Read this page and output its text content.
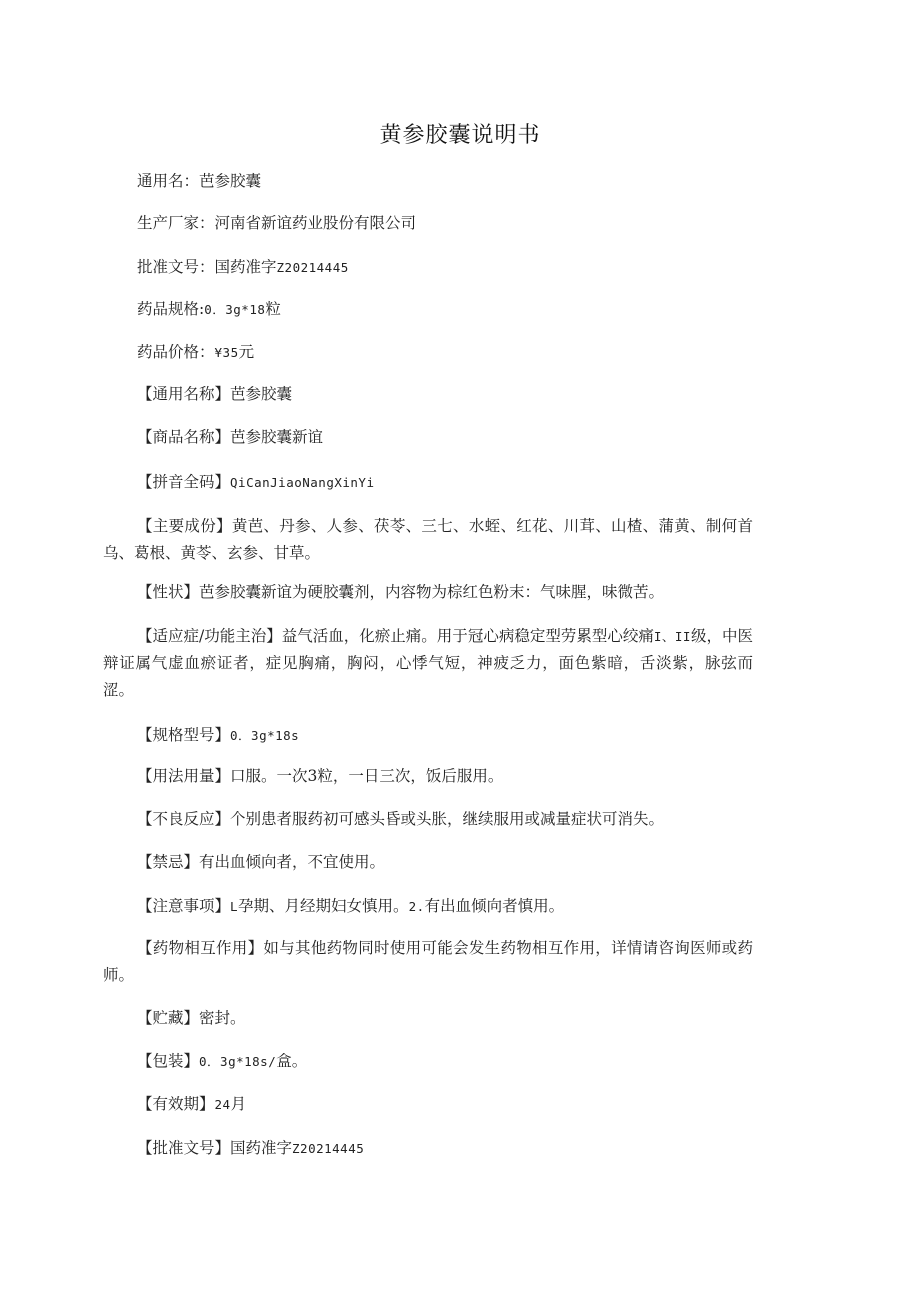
黄参胶囊说明书
通用名：芭参胶囊
生产厂家：河南省新谊药业股份有限公司
批准文号：国药准字Z20214445
药品规格:0．3g*18粒
药品价格：¥35元
【通用名称】芭参胶囊
【商品名称】芭参胶囊新谊
【拼音全码】QiCanJiaoNangXinYi
【主要成份】黄芭、丹参、人参、茯苓、三七、水蛭、红花、川茸、山楂、蒲黄、制何首乌、葛根、黄苓、玄参、甘草。
【性状】芭参胶囊新谊为硬胶囊剂，内容物为棕红色粉末：气味腥，味微苦。
【适应症/功能主治】益气活血，化瘀止痛。用于冠心病稳定型劳累型心绞痛I、II级，中医辩证属气虚血瘀证者，症见胸痛，胸闷，心悸气短，神疲乏力，面色紫暗，舌淡紫，脉弦而涩。
【规格型号】0．3g*18s
【用法用量】口服。一次3粒，一日三次，饭后服用。
【不良反应】个别患者服药初可感头昏或头胀，继续服用或减量症状可消失。
【禁忌】有出血倾向者，不宜使用。
【注意事项】L孕期、月经期妇女慎用。2.有出血倾向者慎用。
【药物相互作用】如与其他药物同时使用可能会发生药物相互作用，详情请咨询医师或药师。
【贮藏】密封。
【包装】0．3g*18s/盒。
【有效期】24月
【批准文号】国药准字Z20214445
